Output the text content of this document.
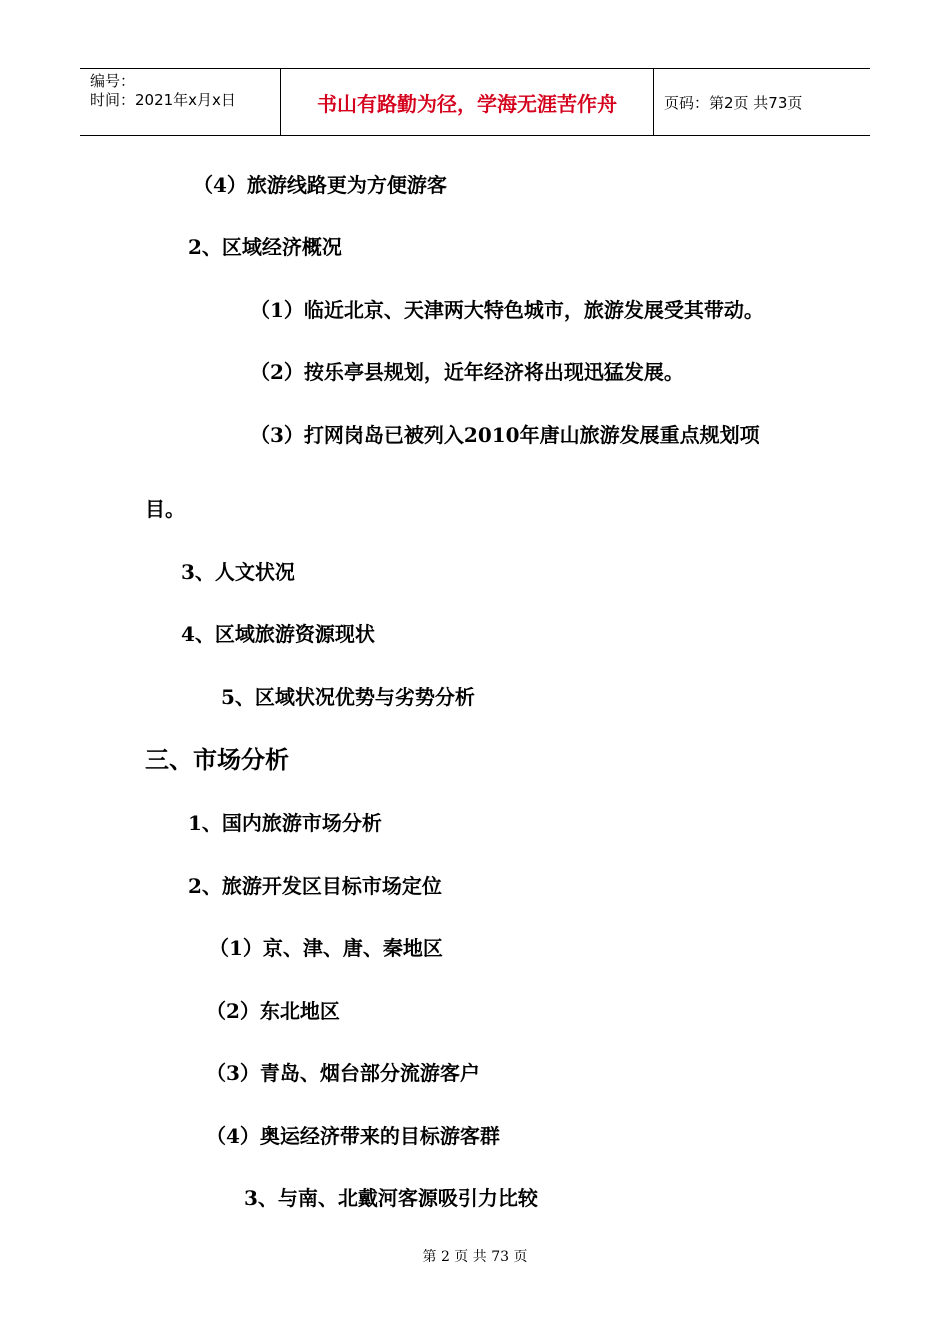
编号：
时间：2021年x月x日	书山有路勤为径，学海无涯苦作舟	页码：第2页 共73页
（4）旅游线路更为方便游客
2、区域经济概况
（1）临近北京、天津两大特色城市，旅游发展受其带动。
（2）按乐亭县规划，近年经济将出现迅猛发展。
（3）打网岗岛已被列入2010年唐山旅游发展重点规划项
目。
3、人文状况
4、区域旅游资源现状
5、区域状况优势与劣势分析
三、市场分析
1、国内旅游市场分析
2、旅游开发区目标市场定位
（1）京、津、唐、秦地区
（2）东北地区
（3）青岛、烟台部分流游客户
（4）奥运经济带来的目标游客群
3、与南、北戴河客源吸引力比较
第 2 页 共 73 页
